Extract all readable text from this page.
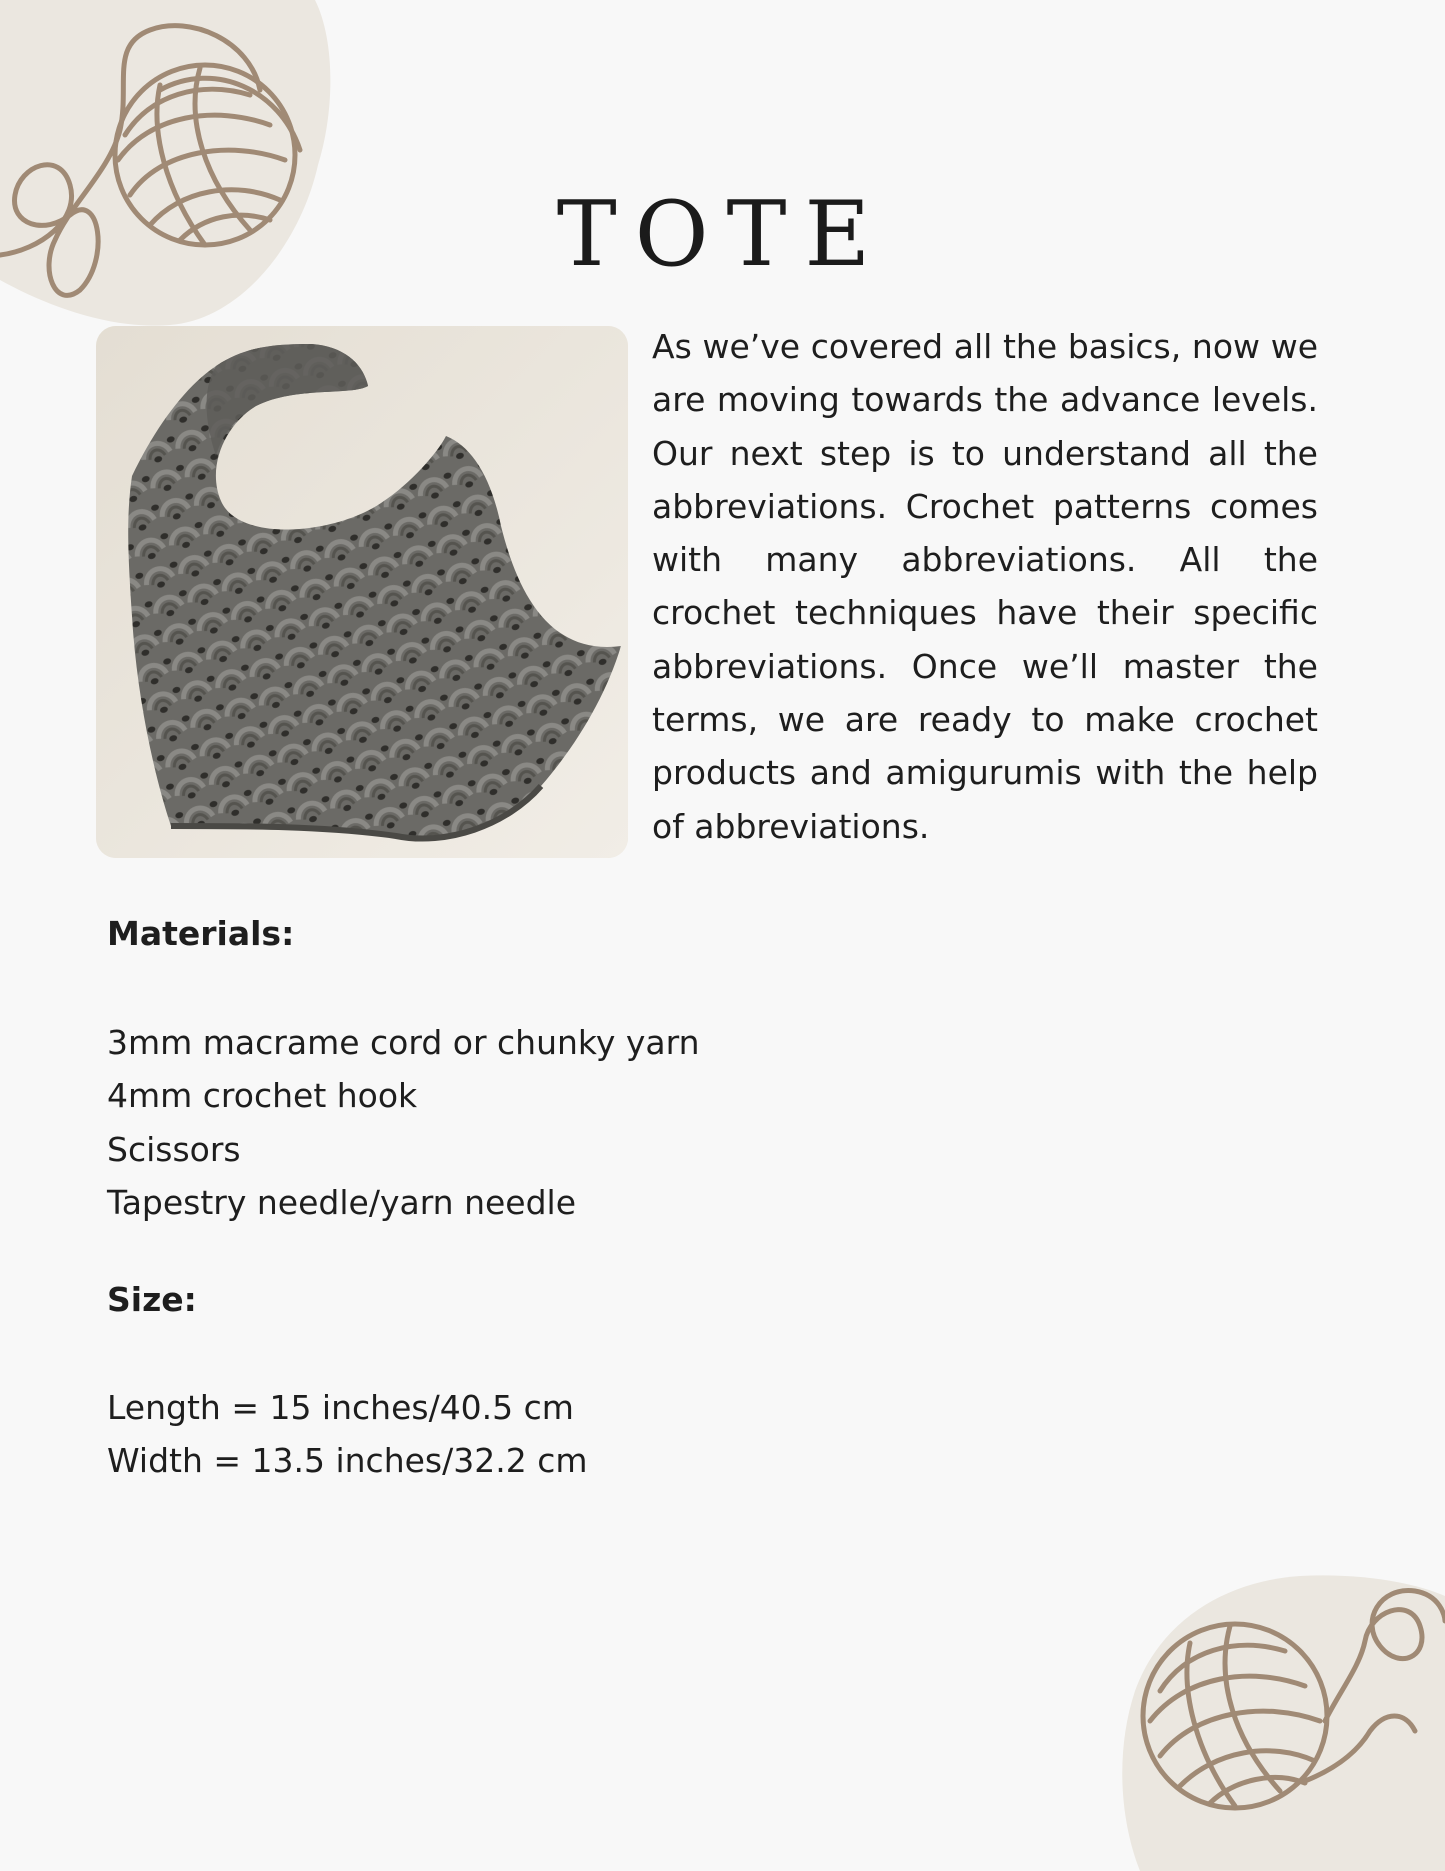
TOTE

As we’ve covered all the basics, now we are moving towards the advance levels. Our next step is to understand all the abbreviations. Crochet patterns comes with many abbreviations. All the crochet techniques have their specific abbreviations. Once we’ll master the terms, we are ready to make crochet products and amigurumis with the help of abbreviations.

Materials:
3mm macrame cord or chunky yarn
4mm crochet hook
Scissors
Tapestry needle/yarn needle
Size:
Length = 15 inches/40.5 cm
Width = 13.5 inches/32.2 cm
